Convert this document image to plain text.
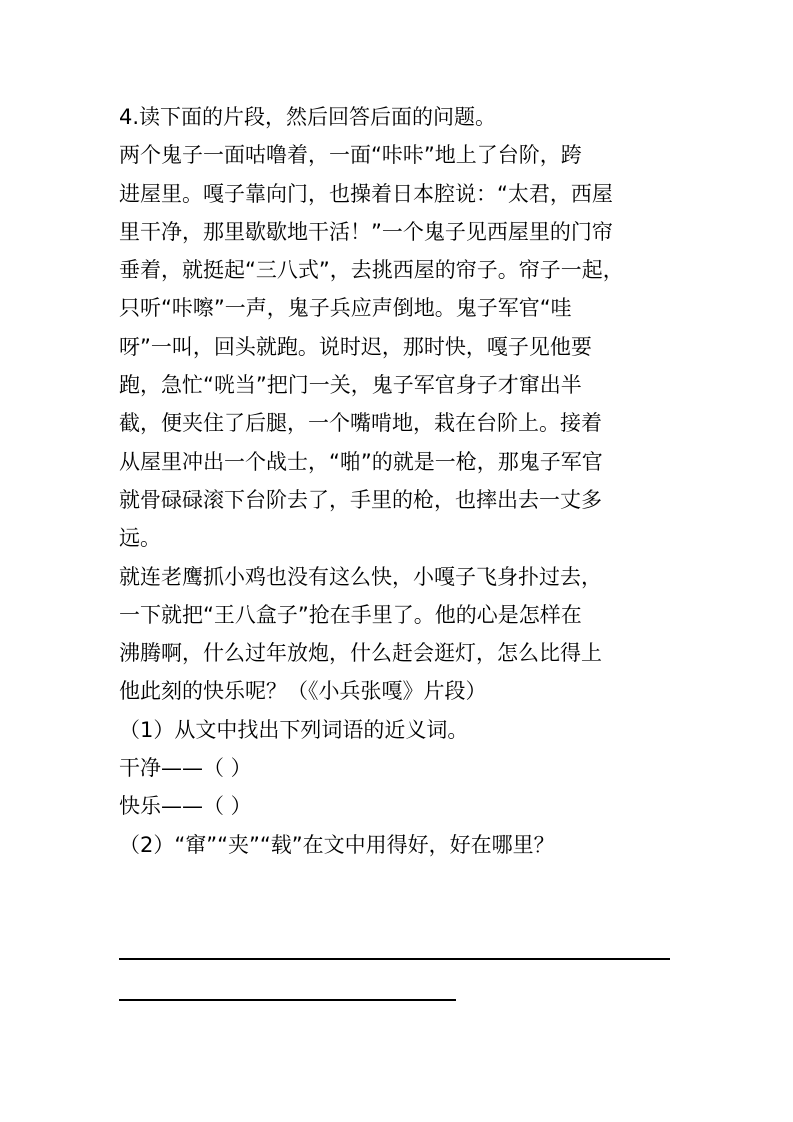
4.读下面的片段，然后回答后面的问题。
两个鬼子一面咕噜着，一面“咔咔”地上了台阶，跨
进屋里。嘎子靠向门，也操着日本腔说：“太君，西屋
里干净，那里歇歇地干活！”一个鬼子见西屋里的门帘
垂着，就挺起“三八式”，去挑西屋的帘子。帘子一起，
只听“咔嚓”一声，鬼子兵应声倒地。鬼子军官“哇
呀”一叫，回头就跑。说时迟，那时快，嘎子见他要
跑，急忙“咣当”把门一关，鬼子军官身子才窜出半
截，便夹住了后腿，一个嘴啃地，栽在台阶上。接着
从屋里冲出一个战士，“啪”的就是一枪，那鬼子军官
就骨碌碌滚下台阶去了，手里的枪，也摔出去一丈多
远。
就连老鹰抓小鸡也没有这么快，小嘎子飞身扑过去，
一下就把“王八盒子”抢在手里了。他的心是怎样在
沸腾啊，什么过年放炮，什么赶会逛灯，怎么比得上
他此刻的快乐呢？（《小兵张嘎》片段）
（1）从文中找出下列词语的近义词。
干净——（ ）
快乐——（ ）
（2）“窜”“夹”“载”在文中用得好，好在哪里？
